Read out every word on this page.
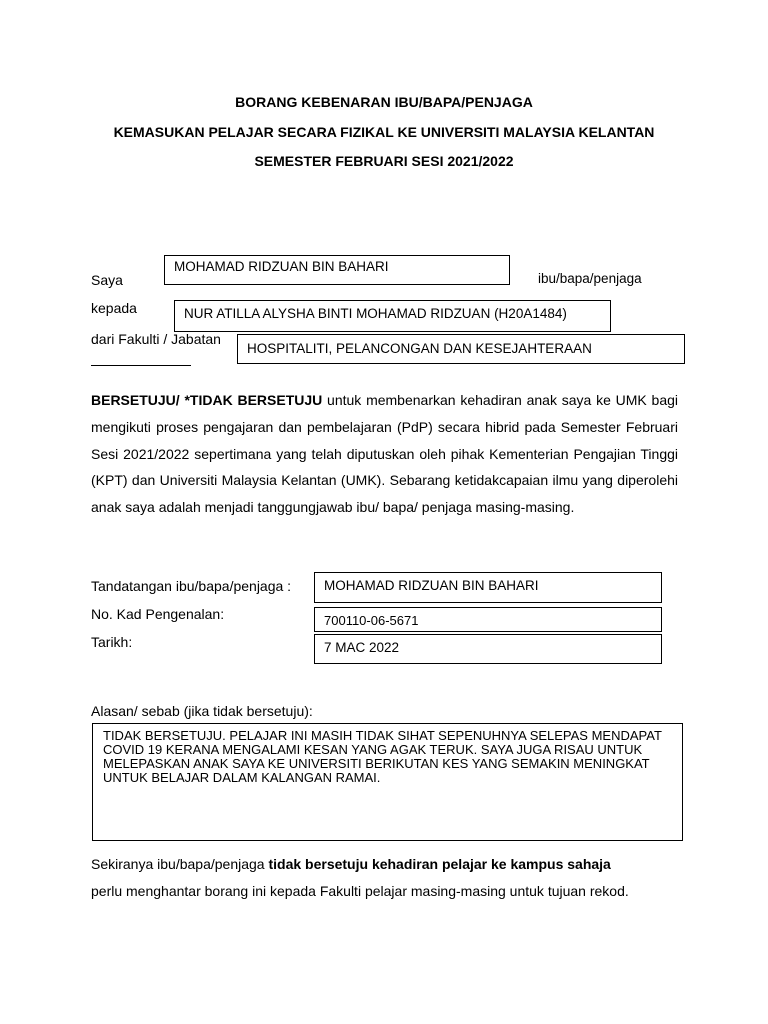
BORANG KEBENARAN IBU/BAPA/PENJAGA
KEMASUKAN PELAJAR SECARA FIZIKAL KE UNIVERSITI MALAYSIA KELANTAN
SEMESTER FEBRUARI SESI 2021/2022
Saya
MOHAMAD RIDZUAN BIN BAHARI
ibu/bapa/penjaga
kepada	NUR ATILLA ALYSHA BINTI MOHAMAD RIDZUAN (H20A1484)
dari Fakulti / Jabatan
HOSPITALITI, PELANCONGAN DAN KESEJAHTERAAN
BERSETUJU/ *TIDAK BERSETUJU untuk membenarkan kehadiran anak saya ke UMK bagi mengikuti proses pengajaran dan pembelajaran (PdP) secara hibrid pada Semester Februari Sesi 2021/2022 sepertimana yang telah diputuskan oleh pihak Kementerian Pengajian Tinggi (KPT) dan Universiti Malaysia Kelantan (UMK). Sebarang ketidakcapaian ilmu yang diperolehi anak saya adalah menjadi tanggungjawab ibu/ bapa/ penjaga masing-masing.
Tandatangan ibu/bapa/penjaga :	MOHAMAD RIDZUAN BIN BAHARI
No. Kad Pengenalan:	700110-06-5671
Tarikh:	7 MAC 2022
Alasan/ sebab (jika tidak bersetuju):
TIDAK BERSETUJU. PELAJAR INI MASIH TIDAK SIHAT SEPENUHNYA SELEPAS MENDAPAT COVID 19 KERANA MENGALAMI KESAN YANG AGAK TERUK. SAYA JUGA RISAU UNTUK MELEPASKAN ANAK SAYA KE UNIVERSITI BERIKUTAN KES YANG SEMAKIN MENINGKAT UNTUK BELAJAR DALAM KALANGAN RAMAI.
Sekiranya ibu/bapa/penjaga tidak bersetuju kehadiran pelajar ke kampus sahaja
perlu menghantar borang ini kepada Fakulti pelajar masing-masing untuk tujuan rekod.
